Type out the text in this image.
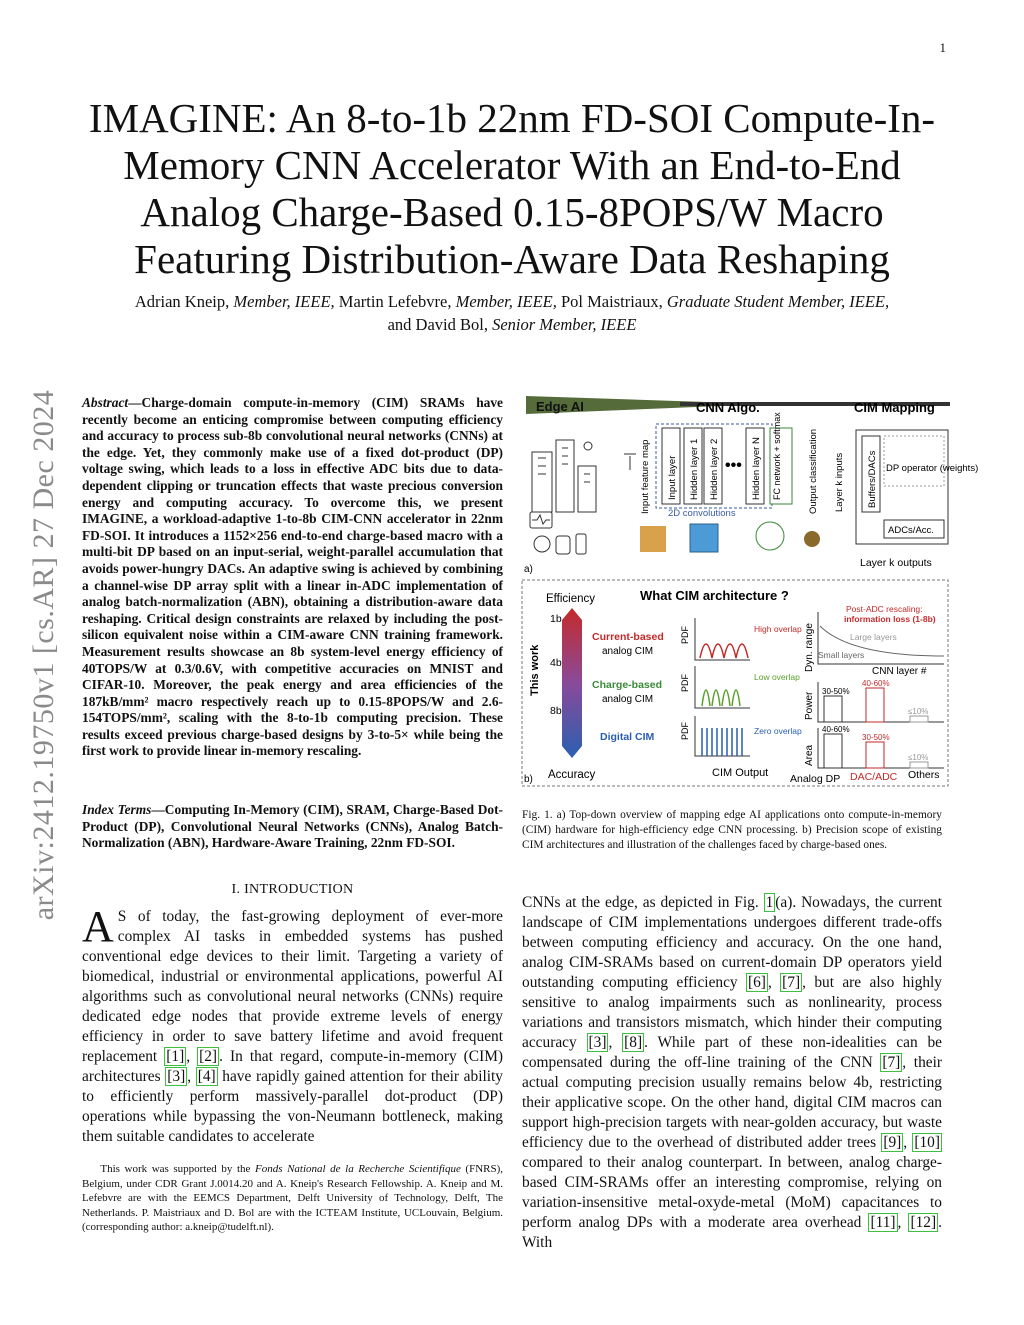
1
arXiv:2412.19750v1 [cs.AR] 27 Dec 2024
IMAGINE: An 8-to-1b 22nm FD-SOI Compute-In-Memory CNN Accelerator With an End-to-End Analog Charge-Based 0.15-8POPS/W Macro Featuring Distribution-Aware Data Reshaping
Adrian Kneip, Member, IEEE, Martin Lefebvre, Member, IEEE, Pol Maistriaux, Graduate Student Member, IEEE,
and David Bol, Senior Member, IEEE
Abstract—Charge-domain compute-in-memory (CIM) SRAMs have recently become an enticing compromise between computing efficiency and accuracy to process sub-8b convolutional neural networks (CNNs) at the edge. Yet, they commonly make use of a fixed dot-product (DP) voltage swing, which leads to a loss in effective ADC bits due to data-dependent clipping or truncation effects that waste precious conversion energy and computing accuracy. To overcome this, we present IMAGINE, a workload-adaptive 1-to-8b CIM-CNN accelerator in 22nm FD-SOI. It introduces a 1152×256 end-to-end charge-based macro with a multi-bit DP based on an input-serial, weight-parallel accumulation that avoids power-hungry DACs. An adaptive swing is achieved by combining a channel-wise DP array split with a linear in-ADC implementation of analog batch-normalization (ABN), obtaining a distribution-aware data reshaping. Critical design constraints are relaxed by including the post-silicon equivalent noise within a CIM-aware CNN training framework. Measurement results showcase an 8b system-level energy efficiency of 40TOPS/W at 0.3/0.6V, with competitive accuracies on MNIST and CIFAR-10. Moreover, the peak energy and area efficiencies of the 187kB/mm² macro respectively reach up to 0.15-8POPS/W and 2.6-154TOPS/mm², scaling with the 8-to-1b computing precision. These results exceed previous charge-based designs by 3-to-5× while being the first work to provide linear in-memory rescaling.
Index Terms—Computing In-Memory (CIM), SRAM, Charge-Based Dot-Product (DP), Convolutional Neural Networks (CNNs), Analog Batch-Normalization (ABN), Hardware-Aware Training, 22nm FD-SOI.
I. INTRODUCTION
A S of today, the fast-growing deployment of ever-more complex AI tasks in embedded systems has pushed conventional edge devices to their limit. Targeting a variety of biomedical, industrial or environmental applications, powerful AI algorithms such as convolutional neural networks (CNNs) require dedicated edge nodes that provide extreme levels of energy efficiency in order to save battery lifetime and avoid frequent replacement [1] , [2] . In that regard, compute-in-memory (CIM) architectures [3] , [4] have rapidly gained attention for their ability to efficiently perform massively-parallel dot-product (DP) operations while bypassing the von-Neumann bottleneck, making them suitable candidates to accelerate
This work was supported by the Fonds National de la Recherche Scientifique (FNRS), Belgium, under CDR Grant J.0014.20 and A. Kneip's Research Fellowship. A. Kneip and M. Lefebvre are with the EEMCS Department, Delft University of Technology, Delft, The Netherlands. P. Maistriaux and D. Bol are with the ICTEAM Institute, UCLouvain, Belgium. (corresponding author: a.kneip@tudelft.nl).
Edge AI	CNN Algo.	CIM Mapping
Input feature map Input layer Hidden layer 1 Hidden layer 2 ••• Hidden layer N FC network + softmax
2D convolutions	Output classification Layer k inputs Buffers/DACs DP operator (weights)
ADCs/Acc.
Layer k outputs
a)
What CIM architecture ?
Efficiency
1b
4b
8b
This work
Accuracy
b)
Current-based
analog CIM
Charge-based
analog CIM
Digital CIM
PDF	High overlap
PDF	Low overlap
PDF	Zero overlap
CIM Output
Dyn. range
Post-ADC rescaling:
information loss (1-8b)
Large layers
Small layers
CNN layer #
Power
30-50%
40-60%
≤10%
Area
40-60%
30-50%
≤10%
Analog DP DAC/ADC Others
Fig. 1. a) Top-down overview of mapping edge AI applications onto compute-in-memory (CIM) hardware for high-efficiency edge CNN processing. b) Precision scope of existing CIM architectures and illustration of the challenges faced by charge-based ones.
CNNs at the edge, as depicted in Fig. 1 (a). Nowadays, the current landscape of CIM implementations undergoes different trade-offs between computing efficiency and accuracy. On the one hand, analog CIM-SRAMs based on current-domain DP operators yield outstanding computing efficiency [6] , [7] , but are also highly sensitive to analog impairments such as nonlinearity, process variations and transistors mismatch, which hinder their computing accuracy [3] , [8] . While part of these non-idealities can be compensated during the off-line training of the CNN [7] , their actual computing precision usually remains below 4b, restricting their applicative scope. On the other hand, digital CIM macros can support high-precision targets with near-golden accuracy, but waste efficiency due to the overhead of distributed adder trees [9] , [10] compared to their analog counterpart. In between, analog charge-based CIM-SRAMs offer an interesting compromise, relying on variation-insensitive metal-oxyde-metal (MoM) capacitances to perform analog DPs with a moderate area overhead [11] , [12] . With
